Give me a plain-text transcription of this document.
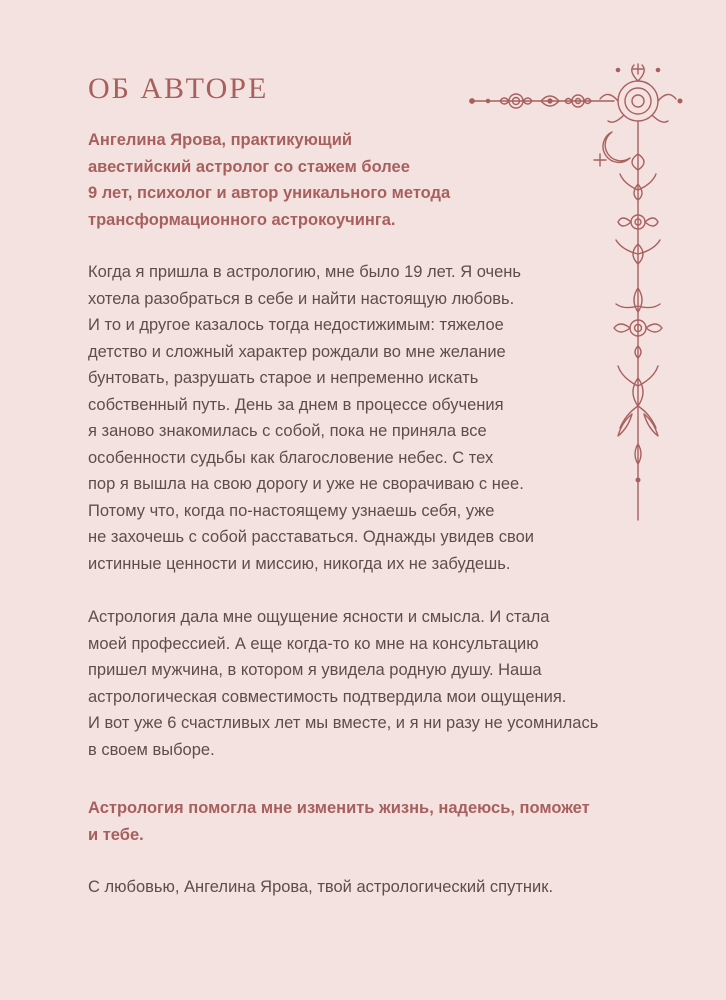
ОБ АВТОРЕ
Ангелина Ярова, практикующий
авестийский астролог со стажем более
9 лет, психолог и автор уникального метода
трансформационного астрокоучинга.
Когда я пришла в астрологию, мне было 19 лет. Я очень
хотела разобраться в себе и найти настоящую любовь.
И то и другое казалось тогда недостижимым: тяжелое
детство и сложный характер рождали во мне желание
бунтовать, разрушать старое и непременно искать
собственный путь. День за днем в процессе обучения
я заново знакомилась с собой, пока не приняла все
особенности судьбы как благословение небес. С тех
пор я вышла на свою дорогу и уже не сворачиваю с нее.
Потому что, когда по-настоящему узнаешь себя, уже
не захочешь с собой расставаться. Однажды увидев свои
истинные ценности и миссию, никогда их не забудешь.
Астрология дала мне ощущение ясности и смысла. И стала
моей профессией. А еще когда-то ко мне на консультацию
пришел мужчина, в котором я увидела родную душу. Наша
астрологическая совместимость подтвердила мои ощущения.
И вот уже 6 счастливых лет мы вместе, и я ни разу не усомнилась
в своем выборе.
Астрология помогла мне изменить жизнь, надеюсь, поможет
и тебе.
С любовью, Ангелина Ярова, твой астрологический спутник.
